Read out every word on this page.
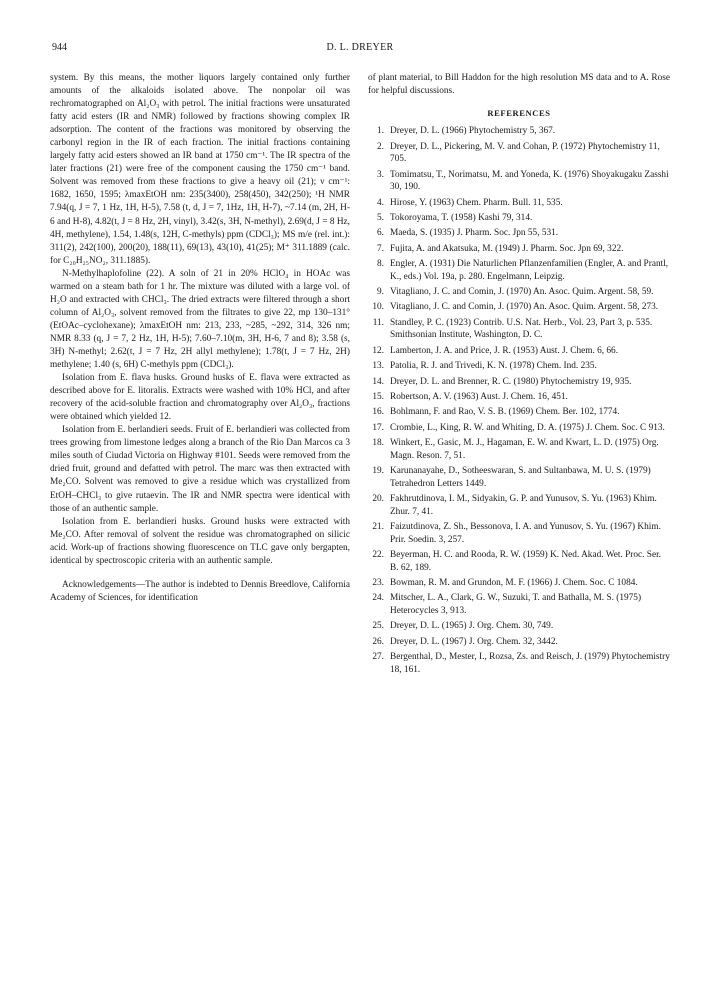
944	D. L. DREYER

system. By this means, the mother liquors largely contained only further amounts of the alkaloids isolated above. The nonpolar oil was rechromatographed on Al₂O₃ with petrol. The initial fractions were unsaturated fatty acid esters (IR and NMR) followed by fractions showing complex IR adsorption. The content of the fractions was monitored by observing the carbonyl region in the IR of each fraction. The initial fractions containing largely fatty acid esters showed an IR band at 1750 cm⁻¹. The IR spectra of the later fractions (21) were free of the component causing the 1750 cm⁻¹ band. Solvent was removed from these fractions to give a heavy oil (21); ν cm⁻¹: 1682, 1650, 1595; λmaxEtOH nm: 235(3400), 258(450), 342(250); ¹H NMR 7.94(q, J = 7, 1 Hz, 1H, H-5), 7.58 (t, d, J = 7, 1Hz, 1H, H-7), ~7.14 (m, 2H, H-6 and H-8), 4.82(t, J = 8 Hz, 2H, vinyl), 3.42(s, 3H, N-methyl), 2.69(d, J = 8 Hz, 4H, methylene), 1.54, 1.48(s, 12H, C-methyls) ppm (CDCl₃); MS m/e (rel. int.): 311(2), 242(100), 200(20), 188(11), 69(13), 43(10), 41(25); M⁺ 311.1889 (calc. for C₂₀H₂₅NO₂, 311.1885).

N-Methylhaplofoline (22). A soln of 21 in 20% HClO₄ in HOAc was warmed on a steam bath for 1 hr. The mixture was diluted with a large vol. of H₂O and extracted with CHCl₃. The dried extracts were filtered through a short column of Al₂O₃, solvent removed from the filtrates to give 22, mp 130–131° (EtOAc–cyclohexane); λmaxEtOH nm: 213, 233, ~285, ~292, 314, 326 nm; NMR 8.33 (q, J = 7, 2 Hz, 1H, H-5); 7.60–7.10(m, 3H, H-6, 7 and 8); 3.58 (s, 3H) N-methyl; 2.62(t, J = 7 Hz, 2H allyl methylene); 1.78(t, J = 7 Hz, 2H) methylene; 1.40 (s, 6H) C-methyls ppm (CDCl₃).

Isolation from E. flava husks. Ground husks of E. flava were extracted as described above for E. litoralis. Extracts were washed with 10% HCl, and after recovery of the acid-soluble fraction and chromatography over Al₂O₃, fractions were obtained which yielded 12.

Isolation from E. berlandieri seeds. Fruit of E. berlandieri was collected from trees growing from limestone ledges along a branch of the Rio Dan Marcos ca 3 miles south of Ciudad Victoria on Highway #101. Seeds were removed from the dried fruit, ground and defatted with petrol. The marc was then extracted with Me₂CO. Solvent was removed to give a residue which was crystallized from EtOH–CHCl₃ to give rutaevin. The IR and NMR spectra were identical with those of an authentic sample.

Isolation from E. berlandieri husks. Ground husks were extracted with Me₂CO. After removal of solvent the residue was chromatographed on silicic acid. Work-up of fractions showing fluorescence on TLC gave only bergapten, identical by spectroscopic criteria with an authentic sample.

Acknowledgements—The author is indebted to Dennis Breedlove, California Academy of Sciences, for identification

of plant material, to Bill Haddon for the high resolution MS data and to A. Rose for helpful discussions.

REFERENCES
1. Dreyer, D. L. (1966) Phytochemistry 5, 367.
2. Dreyer, D. L., Pickering, M. V. and Cohan, P. (1972) Phytochemistry 11, 705.
3. Tomimatsu, T., Norimatsu, M. and Yoneda, K. (1976) Shoyakugaku Zasshi 30, 190.
4. Hirose, Y. (1963) Chem. Pharm. Bull. 11, 535.
5. Tokoroyama, T. (1958) Kashi 79, 314.
6. Maeda, S. (1935) J. Pharm. Soc. Jpn 55, 531.
7. Fujita, A. and Akatsuka, M. (1949) J. Pharm. Soc. Jpn 69, 322.
8. Engler, A. (1931) Die Naturlichen Pflanzenfamilien (Engler, A. and Prantl, K., eds.) Vol. 19a, p. 280. Engelmann, Leipzig.
9. Vitagliano, J. C. and Comin, J. (1970) An. Asoc. Quim. Argent. 58, 59.
10. Vitagliano, J. C. and Comin, J. (1970) An. Asoc. Quim. Argent. 58, 273.
11. Standley, P. C. (1923) Contrib. U.S. Nat. Herb., Vol. 23, Part 3, p. 535. Smithsonian Institute, Washington, D. C.
12. Lamberton, J. A. and Price, J. R. (1953) Aust. J. Chem. 6, 66.
13. Patolia, R. J. and Trivedi, K. N. (1978) Chem. Ind. 235.
14. Dreyer, D. L. and Brenner, R. C. (1980) Phytochemistry 19, 935.
15. Robertson, A. V. (1963) Aust. J. Chem. 16, 451.
16. Bohlmann, F. and Rao, V. S. B. (1969) Chem. Ber. 102, 1774.
17. Crombie, L., King, R. W. and Whiting, D. A. (1975) J. Chem. Soc. C 913.
18. Winkert, E., Gasic, M. J., Hagaman, E. W. and Kwart, L. D. (1975) Org. Magn. Reson. 7, 51.
19. Karunanayahe, D., Sotheeswaran, S. and Sultanbawa, M. U. S. (1979) Tetrahedron Letters 1449.
20. Fakhrutdinova, I. M., Sidyakin, G. P. and Yunusov, S. Yu. (1963) Khim. Zhur. 7, 41.
21. Faizutdinova, Z. Sh., Bessonova, I. A. and Yunusov, S. Yu. (1967) Khim. Prir. Soedin. 3, 257.
22. Beyerman, H. C. and Rooda, R. W. (1959) K. Ned. Akad. Wet. Proc. Ser. B. 62, 189.
23. Bowman, R. M. and Grundon, M. F. (1966) J. Chem. Soc. C 1084.
24. Mitscher, L. A., Clark, G. W., Suzuki, T. and Bathalla, M. S. (1975) Heterocycles 3, 913.
25. Dreyer, D. L. (1965) J. Org. Chem. 30, 749.
26. Dreyer, D. L. (1967) J. Org. Chem. 32, 3442.
27. Bergenthal, D., Mester, I., Rozsa, Zs. and Reisch, J. (1979) Phytochemistry 18, 161.
